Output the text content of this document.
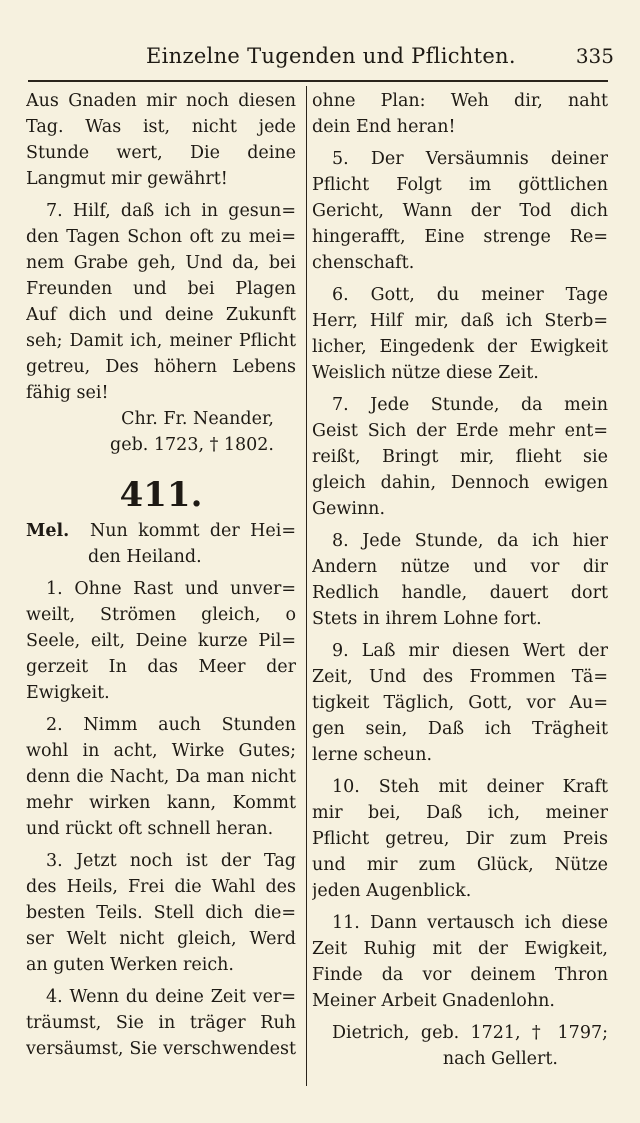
Einzelne Tugenden und Pflichten.	335
Aus Gnaden mir noch diesen
Tag. Was ist, nicht jede
Stunde wert, Die deine
Langmut mir gewährt!
7. Hilf, daß ich in gesun=
den Tagen Schon oft zu mei=
nem Grabe geh, Und da, bei
Freunden und bei Plagen
Auf dich und deine Zukunft
seh; Damit ich, meiner Pflicht
getreu, Des höhern Lebens
fähig sei!
Chr. Fr. Neander,
geb. 1723, † 1802.
411.
Mel. Nun kommt der Hei=
den Heiland.
1. Ohne Rast und unver=
weilt, Strömen gleich, o
Seele, eilt, Deine kurze Pil=
gerzeit In das Meer der
Ewigkeit.
2. Nimm auch Stunden
wohl in acht, Wirke Gutes;
denn die Nacht, Da man nicht
mehr wirken kann, Kommt
und rückt oft schnell heran.
3. Jetzt noch ist der Tag
des Heils, Frei die Wahl des
besten Teils. Stell dich die=
ser Welt nicht gleich, Werd
an guten Werken reich.
4. Wenn du deine Zeit ver=
träumst, Sie in träger Ruh
versäumst, Sie verschwendest
ohne Plan: Weh dir, naht
dein End heran!
5. Der Versäumnis deiner
Pflicht Folgt im göttlichen
Gericht, Wann der Tod dich
hingerafft, Eine strenge Re=
chenschaft.
6. Gott, du meiner Tage
Herr, Hilf mir, daß ich Sterb=
licher, Eingedenk der Ewigkeit
Weislich nütze diese Zeit.
7. Jede Stunde, da mein
Geist Sich der Erde mehr ent=
reißt, Bringt mir, flieht sie
gleich dahin, Dennoch ewigen
Gewinn.
8. Jede Stunde, da ich hier
Andern nütze und vor dir
Redlich handle, dauert dort
Stets in ihrem Lohne fort.
9. Laß mir diesen Wert der
Zeit, Und des Frommen Tä=
tigkeit Täglich, Gott, vor Au=
gen sein, Daß ich Trägheit
lerne scheun.
10. Steh mit deiner Kraft
mir bei, Daß ich, meiner
Pflicht getreu, Dir zum Preis
und mir zum Glück, Nütze
jeden Augenblick.
11. Dann vertausch ich diese
Zeit Ruhig mit der Ewigkeit,
Finde da vor deinem Thron
Meiner Arbeit Gnadenlohn.
Dietrich, geb. 1721, † 1797;
nach Gellert.
